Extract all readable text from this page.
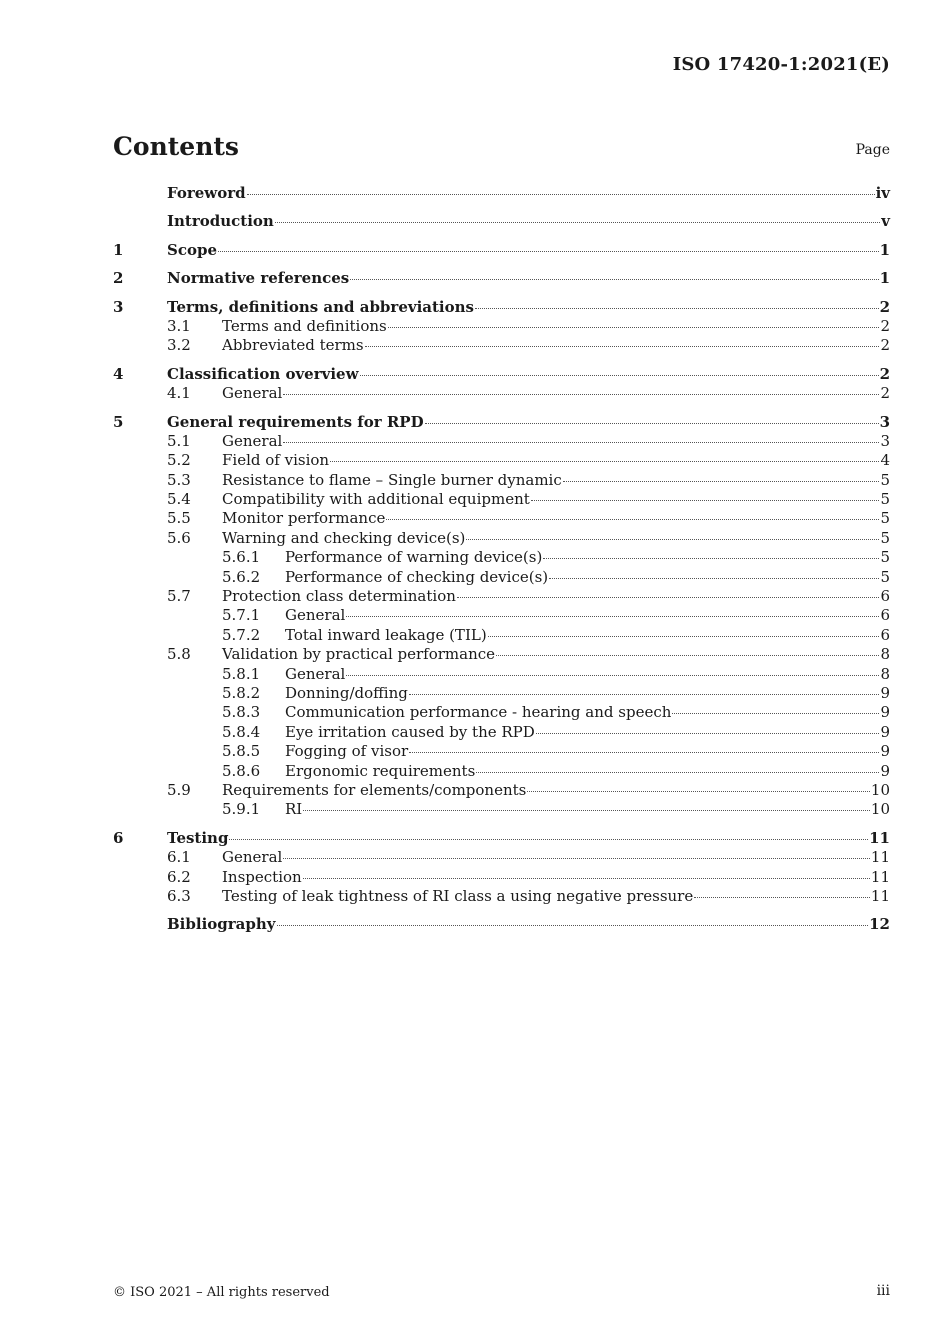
ISO 17420-1:2021(E)
Contents	Page
Foreword	iv
Introduction	v
1	Scope	1
2	Normative references	1
3	Terms, definitions and abbreviations	2
3.1	Terms and definitions	2
3.2	Abbreviated terms	2
4	Classification overview	2
4.1	General	2
5	General requirements for RPD	3
5.1	General	3
5.2	Field of vision	4
5.3	Resistance to flame – Single burner dynamic	5
5.4	Compatibility with additional equipment	5
5.5	Monitor performance	5
5.6	Warning and checking device(s)	5
5.6.1	Performance of warning device(s)	5
5.6.2	Performance of checking device(s)	5
5.7	Protection class determination	6
5.7.1	General	6
5.7.2	Total inward leakage (TIL)	6
5.8	Validation by practical performance	8
5.8.1	General	8
5.8.2	Donning/doffing	9
5.8.3	Communication performance - hearing and speech	9
5.8.4	Eye irritation caused by the RPD	9
5.8.5	Fogging of visor	9
5.8.6	Ergonomic requirements	9
5.9	Requirements for elements/components	10
5.9.1	RI	10
6	Testing	11
6.1	General	11
6.2	Inspection	11
6.3	Testing of leak tightness of RI class a using negative pressure	11
Bibliography	12
© ISO 2021 – All rights reserved	iii
